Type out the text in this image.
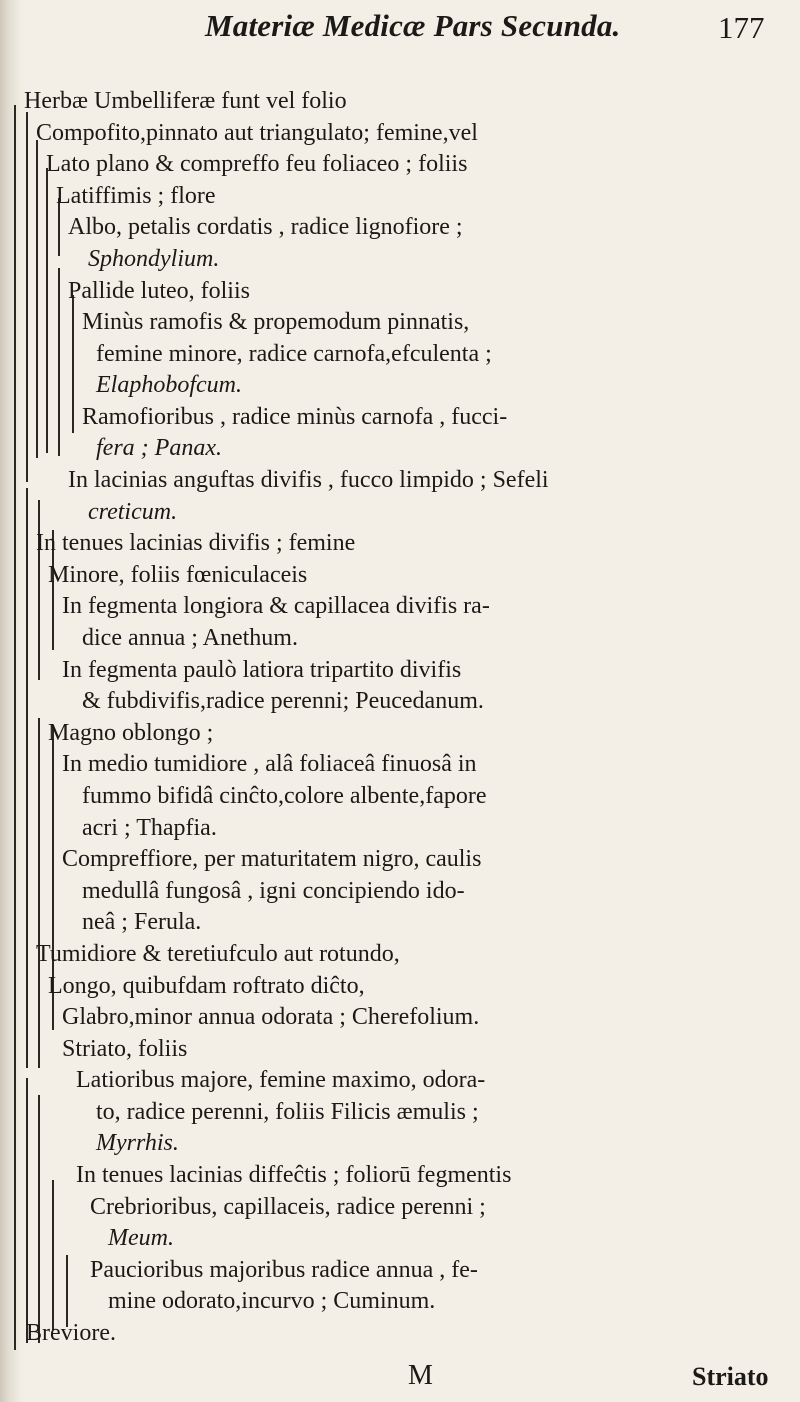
Materiæ Medicæ Pars Secunda.	177
Herbæ Umbelliferæ funt vel folio
Compofito,pinnato aut triangulato; femine,vel
Lato plano & compreffo feu foliaceo ; foliis
Latiffimis ; flore
Albo, petalis cordatis , radice lignofiore ;
Sphondylium.
Pallide luteo, foliis
Minùs ramofis & propemodum pinnatis,
femine minore, radice carnofa,efculenta ;
Elaphobofcum.
Ramofioribus , radice minùs carnofa , fucci-
fera ; Panax.
In lacinias anguftas divifis , fucco limpido ; Sefeli
creticum.
In tenues lacinias divifis ; femine
Minore, foliis fœniculaceis
In fegmenta longiora & capillacea divifis ra-
dice annua ; Anethum.
In fegmenta paulò latiora tripartito divifis
& fubdivifis,radice perenni; Peucedanum.
Magno oblongo ;
In medio tumidiore , alâ foliaceâ finuosâ in
fummo bifidâ cinĉto,colore albente,fapore
acri ; Thapfia.
Compreffiore, per maturitatem nigro, caulis
medullâ fungosâ , igni concipiendo ido-
neâ ; Ferula.
Tumidiore & teretiufculo aut rotundo,
Longo, quibufdam roftrato diĉto,
Glabro,minor annua odorata ; Cherefolium.
Striato, foliis
Latioribus majore, femine maximo, odora-
to, radice perenni, foliis Filicis æmulis ;
Myrrhis.
In tenues lacinias diffeĉtis ; foliorū fegmentis
Crebrioribus, capillaceis, radice perenni ;
Meum.
Paucioribus majoribus radice annua , fe-
mine odorato,incurvo ; Cuminum.
Breviore.
M	Striato
